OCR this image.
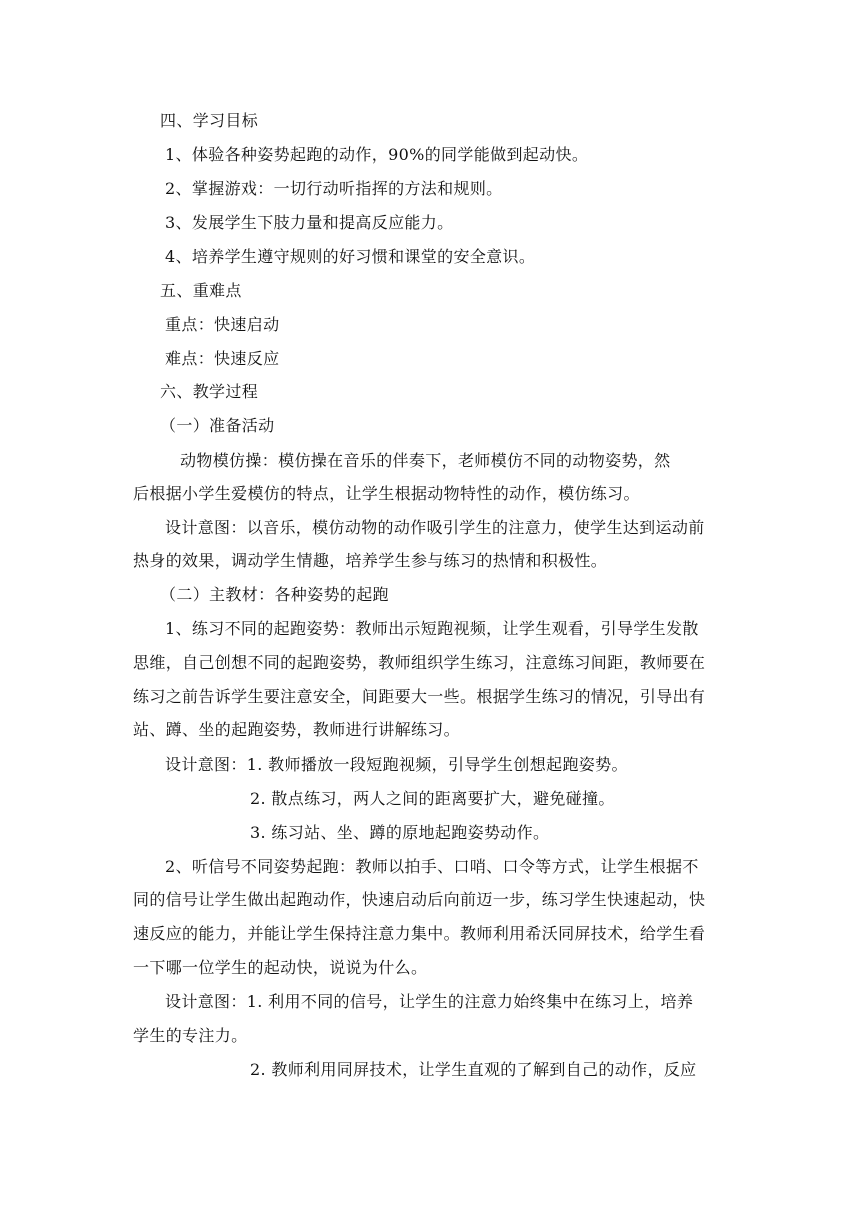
四、学习目标
1、体验各种姿势起跑的动作，90%的同学能做到起动快。
2、掌握游戏：一切行动听指挥的方法和规则。
3、发展学生下肢力量和提高反应能力。
4、培养学生遵守规则的好习惯和课堂的安全意识。
五、重难点
重点：快速启动
难点：快速反应
六、教学过程
（一）准备活动
动物模仿操：模仿操在音乐的伴奏下，老师模仿不同的动物姿势，然
后根据小学生爱模仿的特点，让学生根据动物特性的动作，模仿练习。
设计意图：以音乐，模仿动物的动作吸引学生的注意力，使学生达到运动前
热身的效果，调动学生情趣，培养学生参与练习的热情和积极性。
（二）主教材：各种姿势的起跑
1、练习不同的起跑姿势：教师出示短跑视频，让学生观看，引导学生发散
思维，自己创想不同的起跑姿势，教师组织学生练习，注意练习间距，教师要在
练习之前告诉学生要注意安全，间距要大一些。根据学生练习的情况，引导出有
站、蹲、坐的起跑姿势，教师进行讲解练习。
设计意图：1. 教师播放一段短跑视频，引导学生创想起跑姿势。
2. 散点练习，两人之间的距离要扩大，避免碰撞。
3. 练习站、坐、蹲的原地起跑姿势动作。
2、听信号不同姿势起跑：教师以拍手、口哨、口令等方式，让学生根据不
同的信号让学生做出起跑动作，快速启动后向前迈一步，练习学生快速起动，快
速反应的能力，并能让学生保持注意力集中。教师利用希沃同屏技术，给学生看
一下哪一位学生的起动快，说说为什么。
设计意图：1. 利用不同的信号，让学生的注意力始终集中在练习上，培养
学生的专注力。
2. 教师利用同屏技术，让学生直观的了解到自己的动作，反应
